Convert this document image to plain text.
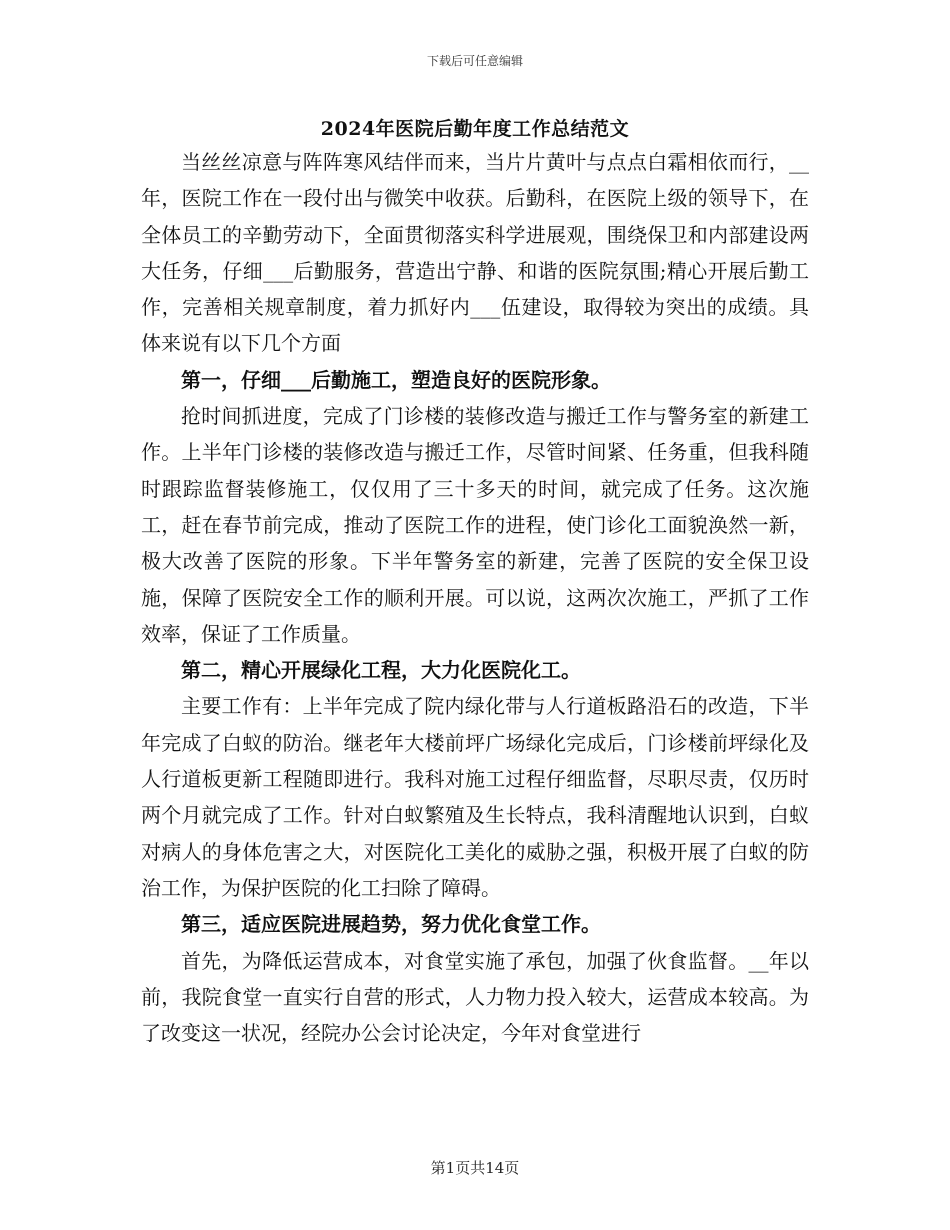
下载后可任意编辑
2024年医院后勤年度工作总结范文

当丝丝凉意与阵阵寒风结伴而来，当片片黄叶与点点白霜相依而行，__年，医院工作在一段付出与微笑中收获。后勤科，在医院上级的领导下，在全体员工的辛勤劳动下，全面贯彻落实科学进展观，围绕保卫和内部建设两大任务，仔细___后勤服务，营造出宁静、和谐的医院氛围;精心开展后勤工作，完善相关规章制度，着力抓好内___伍建设，取得较为突出的成绩。具体来说有以下几个方面

第一，仔细___后勤施工，塑造良好的医院形象。

抢时间抓进度，完成了门诊楼的装修改造与搬迁工作与警务室的新建工作。上半年门诊楼的装修改造与搬迁工作，尽管时间紧、任务重，但我科随时跟踪监督装修施工，仅仅用了三十多天的时间，就完成了任务。这次施工，赶在春节前完成，推动了医院工作的进程，使门诊化工面貌涣然一新，极大改善了医院的形象。下半年警务室的新建，完善了医院的安全保卫设施，保障了医院安全工作的顺利开展。可以说，这两次次施工，严抓了工作效率，保证了工作质量。

第二，精心开展绿化工程，大力化医院化工。

主要工作有：上半年完成了院内绿化带与人行道板路沿石的改造，下半年完成了白蚁的防治。继老年大楼前坪广场绿化完成后，门诊楼前坪绿化及人行道板更新工程随即进行。我科对施工过程仔细监督，尽职尽责，仅历时两个月就完成了工作。针对白蚁繁殖及生长特点，我科清醒地认识到，白蚁对病人的身体危害之大，对医院化工美化的威胁之强，积极开展了白蚁的防治工作，为保护医院的化工扫除了障碍。

第三，适应医院进展趋势，努力优化食堂工作。

首先，为降低运营成本，对食堂实施了承包，加强了伙食监督。__年以前，我院食堂一直实行自营的形式，人力物力投入较大，运营成本较高。为了改变这一状况，经院办公会讨论决定，今年对食堂进行

第1页共14页
